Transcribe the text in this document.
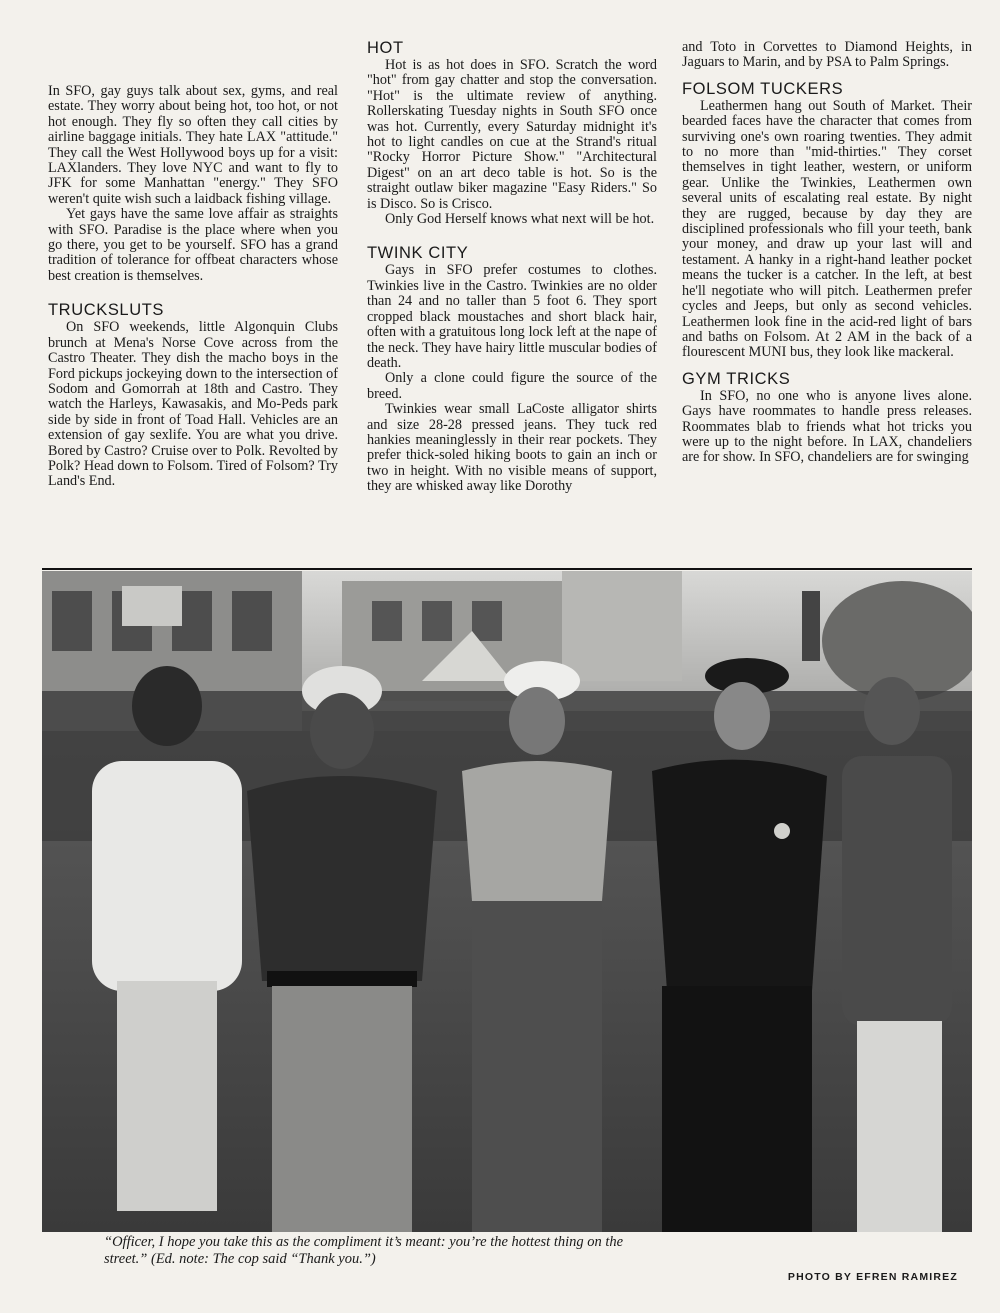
In SFO, gay guys talk about sex, gyms, and real estate. They worry about being hot, too hot, or not hot enough. They fly so often they call cities by airline baggage initials. They hate LAX "attitude." They call the West Hollywood boys up for a visit: LAXlanders. They love NYC and want to fly to JFK for some Manhattan "energy." They SFO weren't quite wish such a laidback fishing village.

Yet gays have the same love affair as straights with SFO. Paradise is the place where when you go there, you get to be yourself. SFO has a grand tradition of tolerance for offbeat characters whose best creation is themselves.

TRUCKSLUTS

On SFO weekends, little Algonquin Clubs brunch at Mena's Norse Cove across from the Castro Theater. They dish the macho boys in the Ford pickups jockeying down to the intersection of Sodom and Gomorrah at 18th and Castro. They watch the Harleys, Kawasakis, and Mo-Peds park side by side in front of Toad Hall. Vehicles are an extension of gay sexlife. You are what you drive. Bored by Castro? Cruise over to Polk. Revolted by Polk? Head down to Folsom. Tired of Folsom? Try Land's End.

HOT

Hot is as hot does in SFO. Scratch the word "hot" from gay chatter and stop the conversation. "Hot" is the ultimate review of anything. Rollerskating Tuesday nights in South SFO once was hot. Currently, every Saturday midnight it's hot to light candles on cue at the Strand's ritual "Rocky Horror Picture Show." "Architectural Digest" on an art deco table is hot. So is the straight outlaw biker magazine "Easy Riders." So is Disco. So is Crisco.

Only God Herself knows what next will be hot.

TWINK CITY

Gays in SFO prefer costumes to clothes. Twinkies live in the Castro. Twinkies are no older than 24 and no taller than 5 foot 6. They sport cropped black moustaches and short black hair, often with a gratuitous long lock left at the nape of the neck. They have hairy little muscular bodies of death.

Only a clone could figure the source of the breed.

Twinkies wear small LaCoste alligator shirts and size 28-28 pressed jeans. They tuck red hankies meaninglessly in their rear pockets. They prefer thick-soled hiking boots to gain an inch or two in height. With no visible means of support, they are whisked away like Dorothy

and Toto in Corvettes to Diamond Heights, in Jaguars to Marin, and by PSA to Palm Springs.

FOLSOM TUCKERS

Leathermen hang out South of Market. Their bearded faces have the character that comes from surviving one's own roaring twenties. They admit to no more than "mid-thirties." They corset themselves in tight leather, western, or uniform gear. Unlike the Twinkies, Leathermen own several units of escalating real estate. By night they are rugged, because by day they are disciplined professionals who fill your teeth, bank your money, and draw up your last will and testament. A hanky in a right-hand leather pocket means the tucker is a catcher. In the left, at best he'll negotiate who will pitch. Leathermen prefer cycles and Jeeps, but only as second vehicles. Leathermen look fine in the acid-red light of bars and baths on Folsom. At 2 AM in the back of a flourescent MUNI bus, they look like mackeral.

GYM TRICKS

In SFO, no one who is anyone lives alone. Gays have roommates to handle press releases. Roommates blab to friends what hot tricks you were up to the night before. In LAX, chandeliers are for show. In SFO, chandeliers are for swinging

“Officer, I hope you take this as the compliment it’s meant: you’re the hottest thing on the street.” (Ed. note: The cop said “Thank you.”)
PHOTO BY EFREN RAMIREZ
